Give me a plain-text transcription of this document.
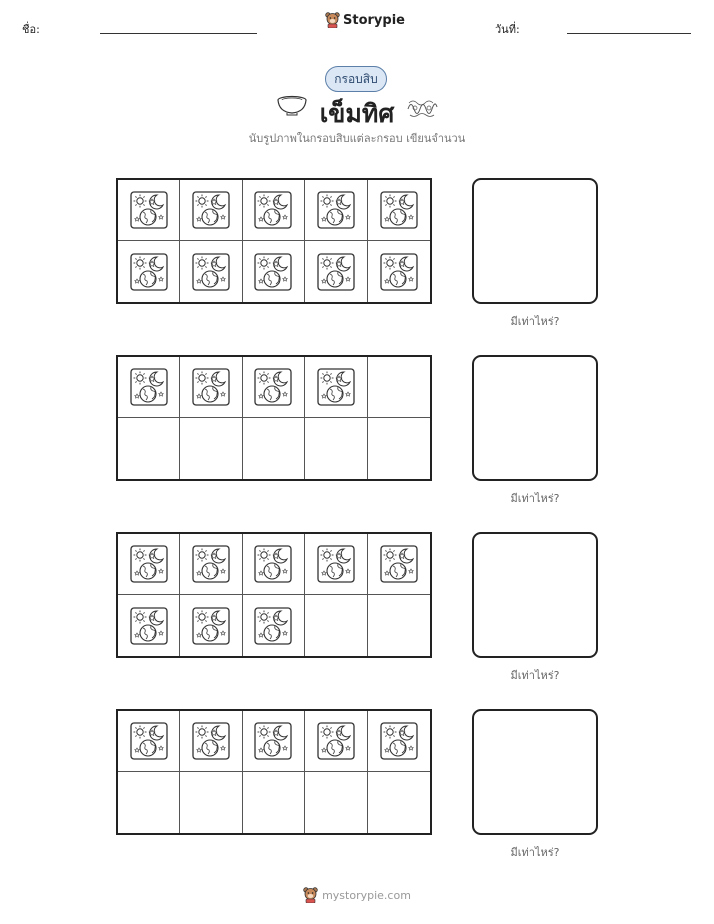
ชื่อ:
Storypie
วันที่:
กรอบสิบ
เข็มทิศ
นับรูปภาพในกรอบสิบแต่ละกรอบ เขียนจำนวน
มีเท่าไหร่?
มีเท่าไหร่?
มีเท่าไหร่?
มีเท่าไหร่?
mystorypie.com
